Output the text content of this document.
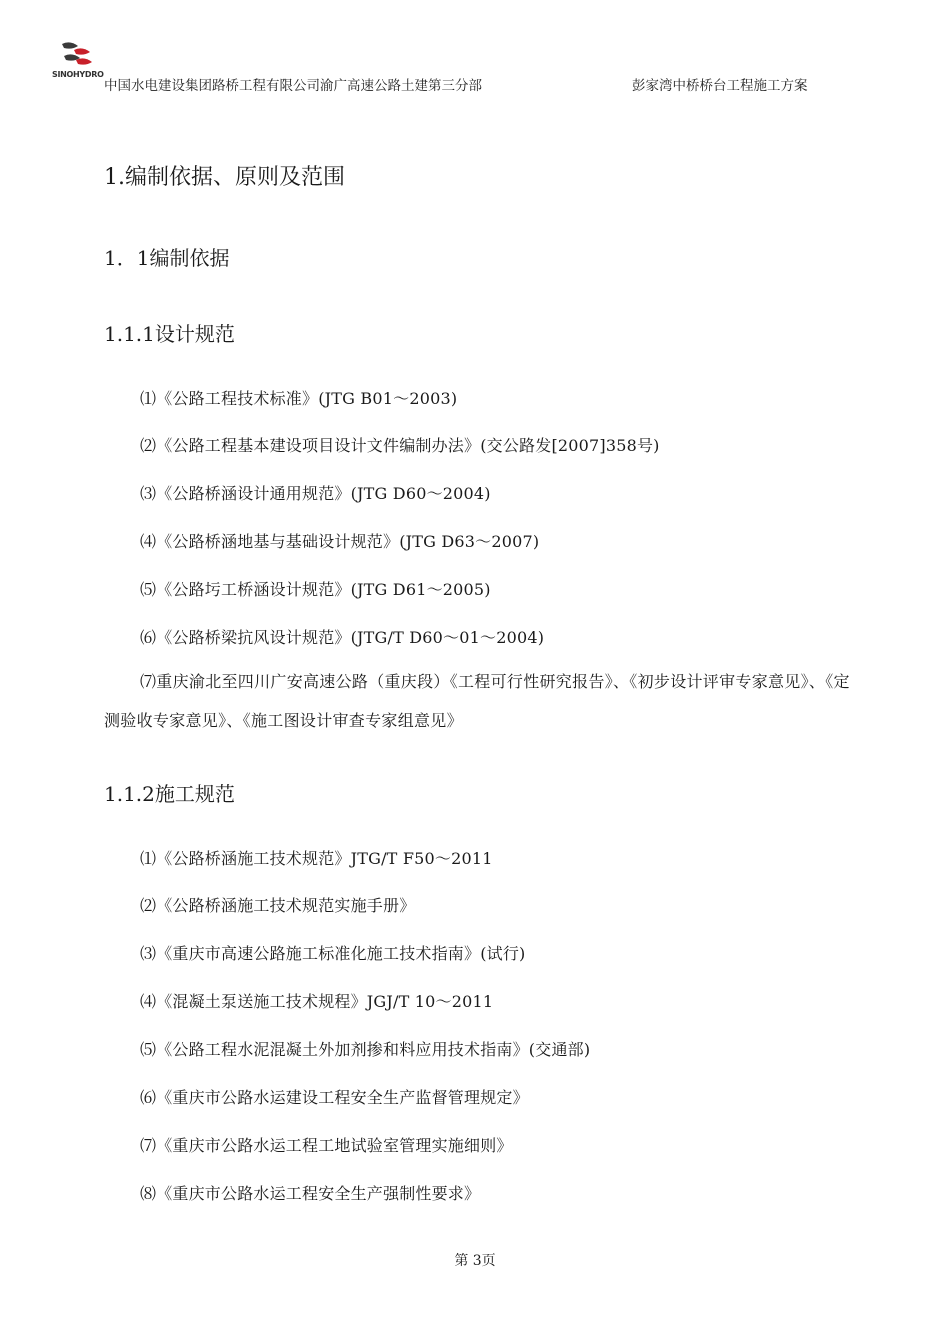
SINOHYDRO
中国水电建设集团路桥工程有限公司渝广高速公路土建第三分部	彭家湾中桥桥台工程施工方案
1.编制依据、原则及范围
1．1编制依据
1.1.1设计规范
⑴《公路工程技术标准》(JTG B01～2003)
⑵《公路工程基本建设项目设计文件编制办法》(交公路发[2007]358号)
⑶《公路桥涵设计通用规范》(JTG D60～2004)
⑷《公路桥涵地基与基础设计规范》(JTG D63～2007)
⑸《公路圬工桥涵设计规范》(JTG D61～2005)
⑹《公路桥梁抗风设计规范》(JTG/T D60～01～2004)
⑺重庆渝北至四川广安高速公路（重庆段）《工程可行性研究报告》、《初步设计评审专家意见》、《定测验收专家意见》、《施工图设计审查专家组意见》
1.1.2施工规范
⑴《公路桥涵施工技术规范》JTG/T F50～2011
⑵《公路桥涵施工技术规范实施手册》
⑶《重庆市高速公路施工标准化施工技术指南》(试行)
⑷《混凝土泵送施工技术规程》JGJ/T 10～2011
⑸《公路工程水泥混凝土外加剂掺和料应用技术指南》(交通部)
⑹《重庆市公路水运建设工程安全生产监督管理规定》
⑺《重庆市公路水运工程工地试验室管理实施细则》
⑻《重庆市公路水运工程安全生产强制性要求》
第 3页
